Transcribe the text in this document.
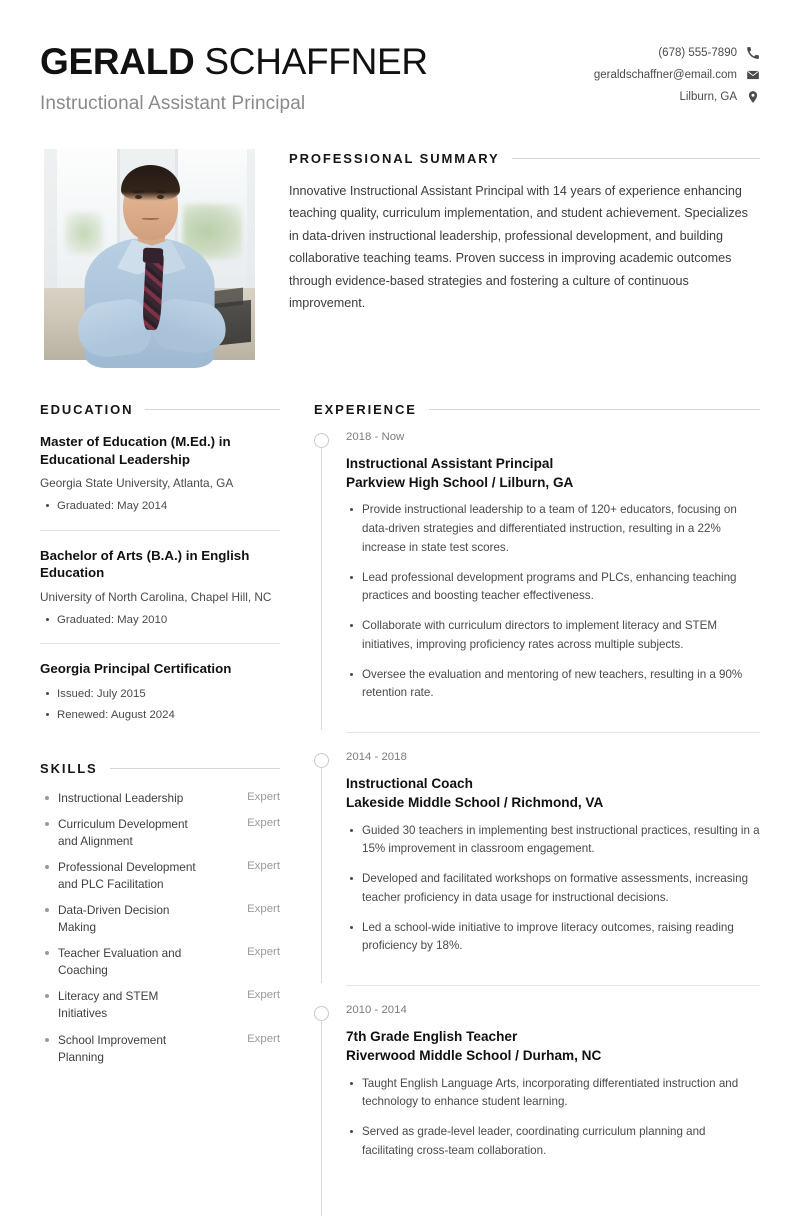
GERALD SCHAFFNER
Instructional Assistant Principal
(678) 555-7890
geraldschaffner@email.com
Lilburn, GA
PROFESSIONAL SUMMARY
Innovative Instructional Assistant Principal with 14 years of experience enhancing teaching quality, curriculum implementation, and student achievement. Specializes in data-driven instructional leadership, professional development, and building collaborative teaching teams. Proven success in improving academic outcomes through evidence-based strategies and fostering a culture of continuous improvement.
EDUCATION
Master of Education (M.Ed.) in Educational Leadership
Georgia State University, Atlanta, GA
Graduated: May 2014
Bachelor of Arts (B.A.) in English Education
University of North Carolina, Chapel Hill, NC
Graduated: May 2010
Georgia Principal Certification
Issued: July 2015
Renewed: August 2024
SKILLS
Instructional Leadership	Expert
Curriculum Development and Alignment
Expert
Professional Development and PLC Facilitation
Expert
Data-Driven Decision Making
Expert
Teacher Evaluation and Coaching
Expert
Literacy and STEM Initiatives
Expert
School Improvement Planning
Expert
EXPERIENCE
2018 - Now
Instructional Assistant Principal
Parkview High School / Lilburn, GA
Provide instructional leadership to a team of 120+ educators, focusing on data-driven strategies and differentiated instruction, resulting in a 22% increase in state test scores.
Lead professional development programs and PLCs, enhancing teaching practices and boosting teacher effectiveness.
Collaborate with curriculum directors to implement literacy and STEM initiatives, improving proficiency rates across multiple subjects.
Oversee the evaluation and mentoring of new teachers, resulting in a 90% retention rate.
2014 - 2018
Instructional Coach
Lakeside Middle School / Richmond, VA
Guided 30 teachers in implementing best instructional practices, resulting in a 15% improvement in classroom engagement.
Developed and facilitated workshops on formative assessments, increasing teacher proficiency in data usage for instructional decisions.
Led a school-wide initiative to improve literacy outcomes, raising reading proficiency by 18%.
2010 - 2014
7th Grade English Teacher
Riverwood Middle School / Durham, NC
Taught English Language Arts, incorporating differentiated instruction and technology to enhance student learning.
Served as grade-level leader, coordinating curriculum planning and facilitating cross-team collaboration.
